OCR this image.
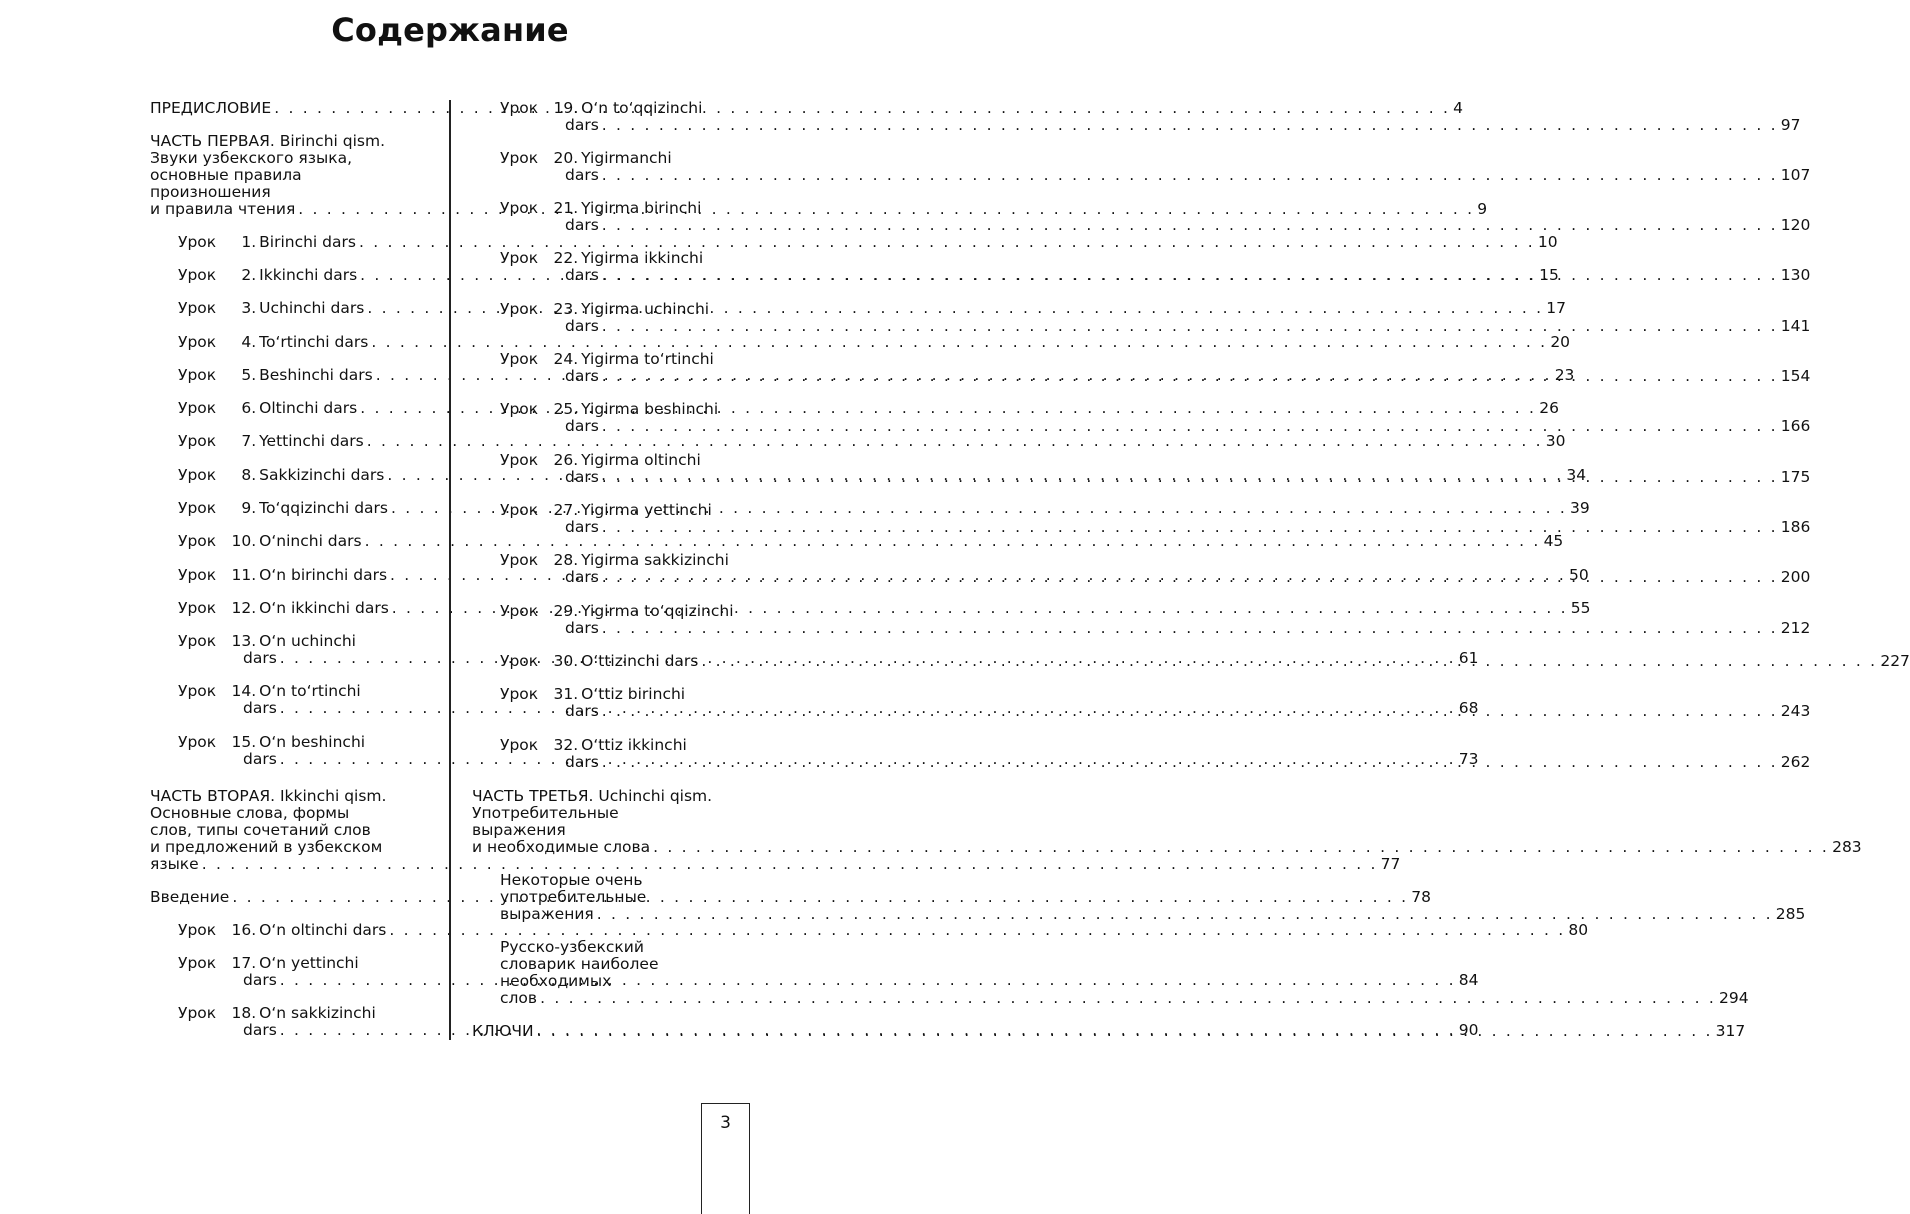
Содержание
ПРЕДИСЛОВИЕ . . .	4
ЧАСТЬ ПЕРВАЯ. Birinchi qism.
Звуки узбекского языка,
основные правила
произношения
и правила чтения . . .	9
Урок 1. Birinchi dars . . .	10
Урок 2. Ikkinchi dars . . .	15
Урок 3. Uchinchi dars . . .	17
Урок 4. To‘rtinchi dars . . .	20
Урок 5. Beshinchi dars . . .	23
Урок 6. Oltinchi dars . . .	26
Урок 7. Yettinchi dars . . .	30
Урок 8. Sakkizinchi dars . . .	34
Урок 9. To‘qqizinchi dars . . .	39
Урок 10. O‘ninchi dars . . .	45
Урок 11. O‘n birinchi dars . . .	50
Урок 12. O‘n ikkinchi dars . . .	55
Урок 13. O‘n uchinchi
dars . . .	61
Урок 14. O‘n to‘rtinchi
dars . . .	68
Урок 15. O‘n beshinchi
dars . . .	73
ЧАСТЬ ВТОРАЯ. Ikkinchi qism.
Основные слова, формы
слов, типы сочетаний слов
и предложений в узбекском
языке . . .	77
Введение . . .	78
Урок 16. O‘n oltinchi dars . . .	80
Урок 17. O‘n yettinchi
dars . . .	84
Урок 18. O‘n sakkizinchi
dars . . .	90
Урок 19. O‘n to‘qqizinchi
dars . . .	97
Урок 20. Yigirmanchi
dars . . .	107
Урок 21. Yigirma birinchi
dars . . .	120
Урок 22. Yigirma ikkinchi
dars . . .	130
Урок 23. Yigirma uchinchi
dars . . .	141
Урок 24. Yigirma to‘rtinchi
dars . . .	154
Урок 25. Yigirma beshinchi
dars . . .	166
Урок 26. Yigirma oltinchi
dars . . .	175
Урок 27. Yigirma yettinchi
dars . . .	186
Урок 28. Yigirma sakkizinchi
dars . . .	200
Урок 29. Yigirma to‘qqizinchi
dars . . .	212
Урок 30. O‘ttizinchi dars . . .	227
Урок 31. O‘ttiz birinchi
dars . . .	243
Урок 32. O‘ttiz ikkinchi
dars . . .	262
ЧАСТЬ ТРЕТЬЯ. Uchinchi qism.
Употребительные
выражения
и необходимые слова . . .	283
Некоторые очень
употребительные
выражения . . .	285
Русско-узбекский
словарик наиболее
необходимых
слов . . .	294
КЛЮЧИ . . .	317
3
